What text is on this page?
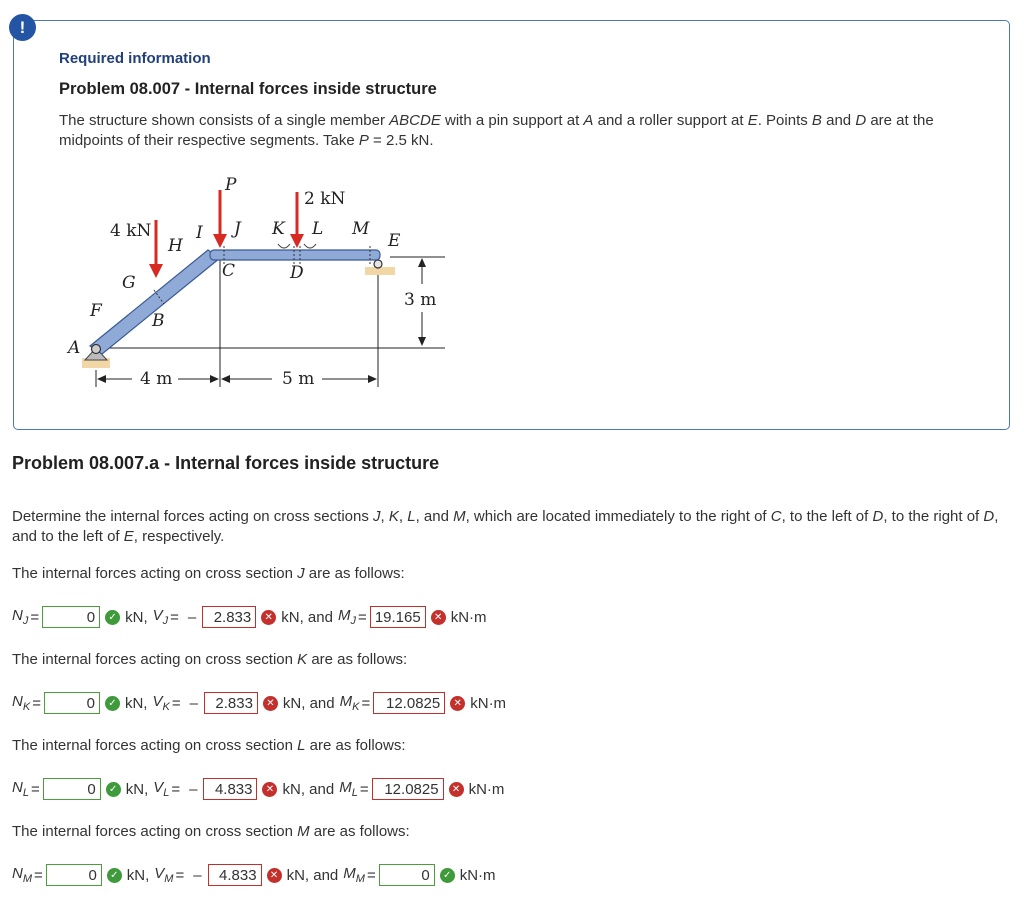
!
Required information
Problem 08.007 - Internal forces inside structure
The structure shown consists of a single member ABCDE with a pin support at A and a roller support at E. Points B and D are at the midpoints of their respective segments. Take P = 2.5 kN.
3 m
4 m	5 m
P
2 kN
4 kN
A
B
C	D
E
F
G
H
I J K L M
Problem 08.007.a - Internal forces inside structure
Determine the internal forces acting on cross sections J, K, L, and M, which are located immediately to the right of C, to the left of D, to the right of D, and to the left of E, respectively.
The internal forces acting on cross section J are as follows:
$N_J$ =	0	✓ kN, $V_J$ = –	2.833	✕ kN, and $M_J = 19.165$	✕ kN·m
The internal forces acting on cross section K are as follows:
$N_K$ =	0	✓ kN, $V_K$ = –	2.833	✕ kN, and $M_K$ =	12.0825	✕ kN·m
The internal forces acting on cross section L are as follows:
$N_L$ =	0	✓ kN, $V_L$ = –	4.833	✕ kN, and $M_L$ =	12.0825	✕ kN·m
The internal forces acting on cross section M are as follows:
$N_M$ =	0	✓ kN, $V_M$ = –	4.833	✕ kN, and $M_M$ =	0	✓ kN·m
